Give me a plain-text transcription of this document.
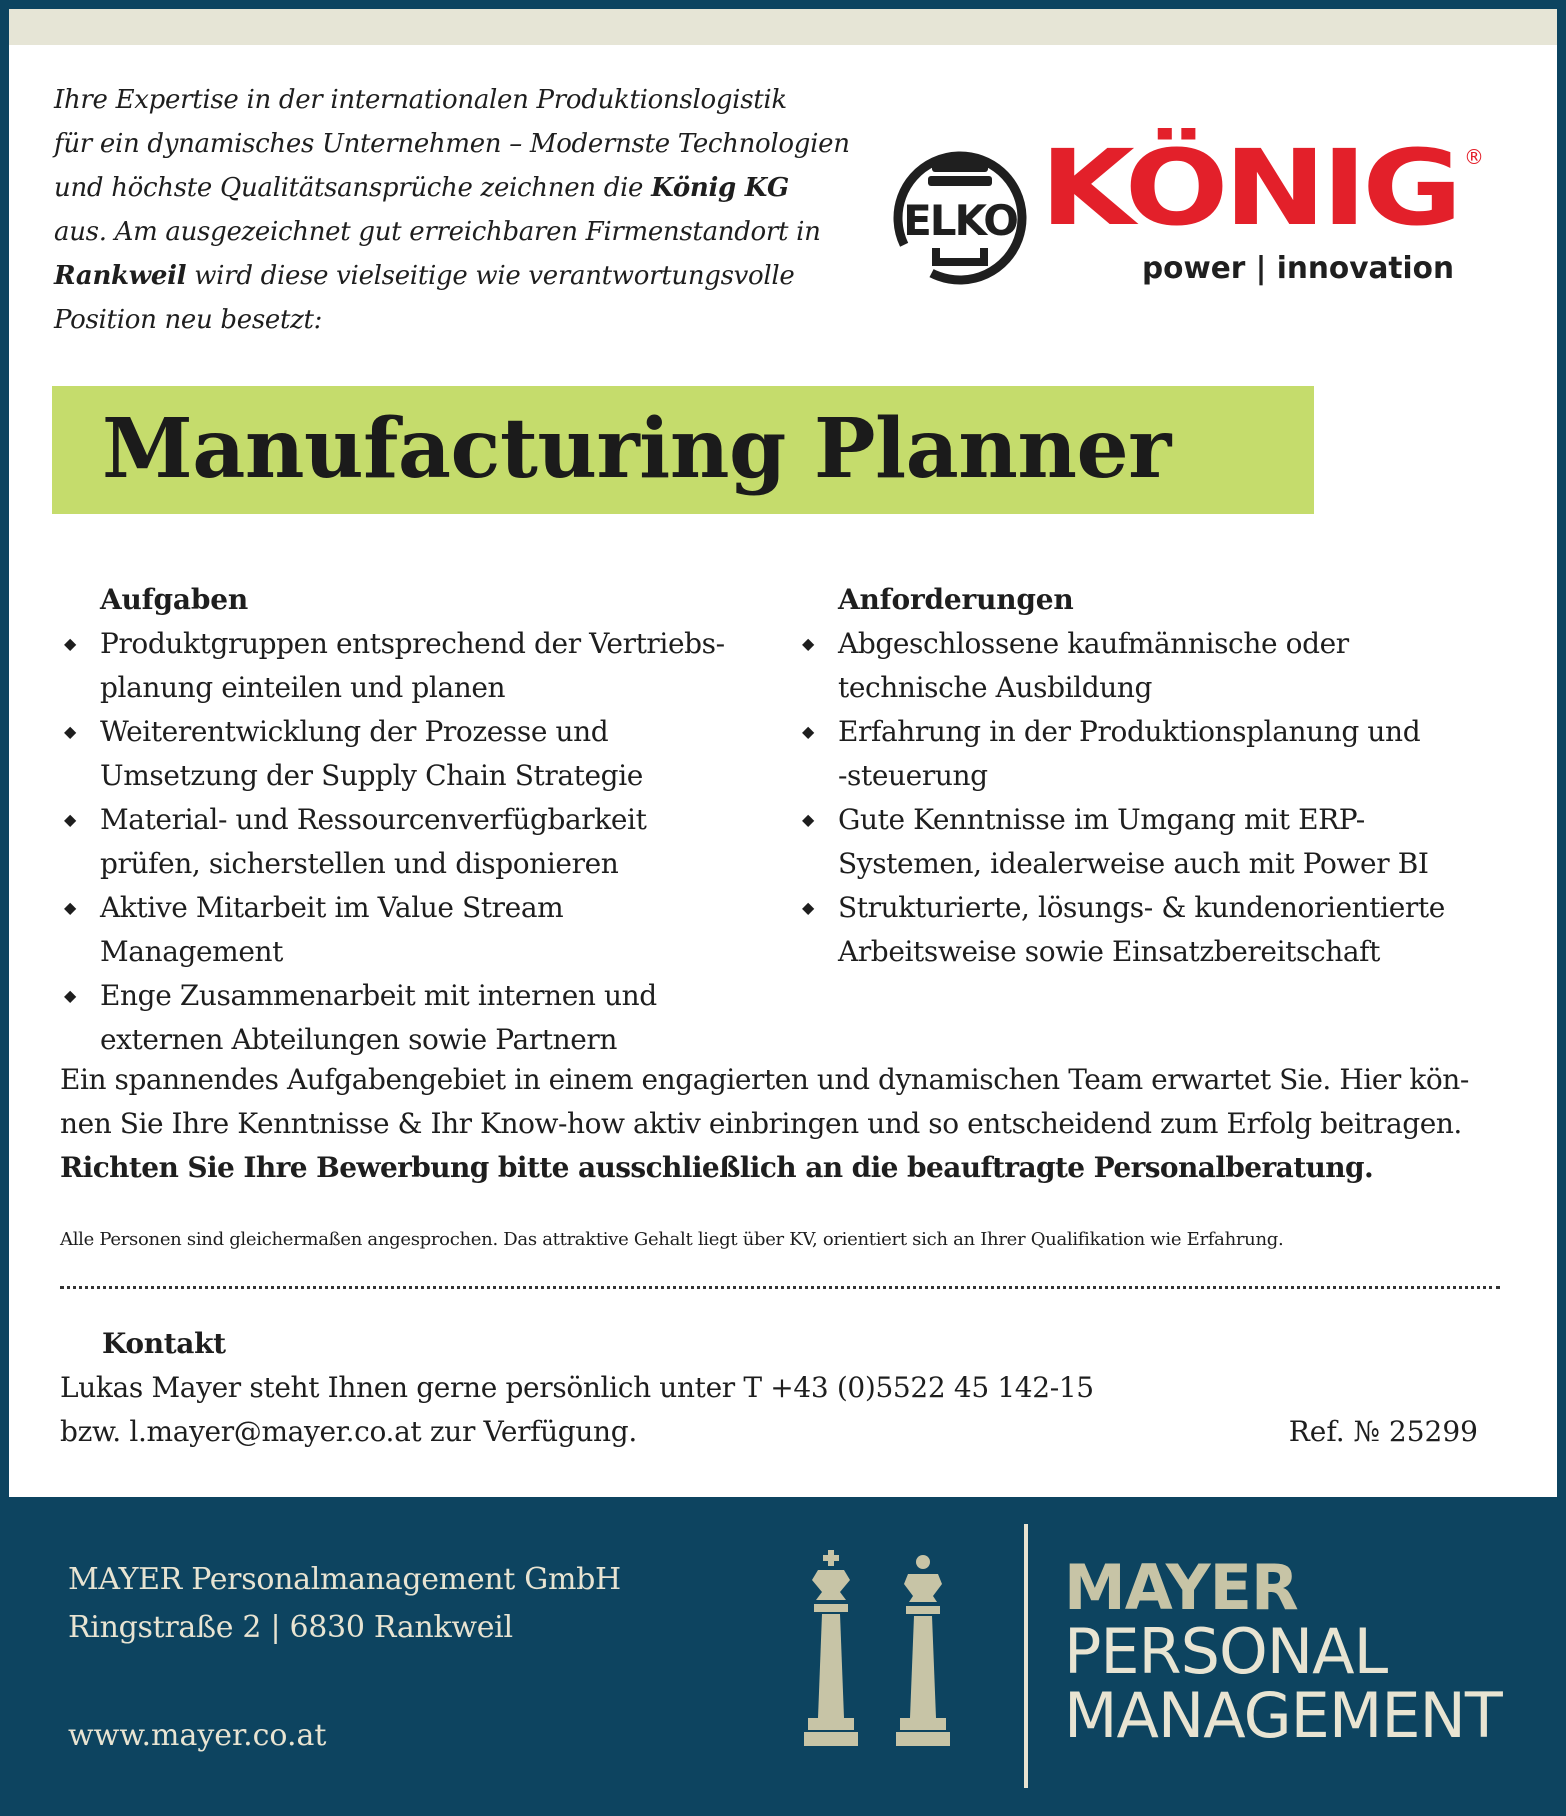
Ihre Expertise in der internationalen Produktionslogistik
für ein dynamisches Unternehmen – Modernste Technologien
und höchste Qualitätsansprüche zeichnen die König KG
aus. Am ausgezeichnet gut erreichbaren Firmenstandort in
Rankweil wird diese vielseitige wie verantwortungsvolle
Position neu besetzt:
ELKO KÖNIG ®
power | innovation
Manufacturing Planner
Aufgaben
◆ Produktgruppen entsprechend der Vertriebs-
planung einteilen und planen
◆ Weiterentwicklung der Prozesse und
Umsetzung der Supply Chain Strategie
◆ Material- und Ressourcenverfügbarkeit
prüfen, sicherstellen und disponieren
◆ Aktive Mitarbeit im Value Stream Management
◆ Enge Zusammenarbeit mit internen und
externen Abteilungen sowie Partnern
Anforderungen
◆ Abgeschlossene kaufmännische oder
technische Ausbildung
◆ Erfahrung in der Produktionsplanung und
-steuerung
◆ Gute Kenntnisse im Umgang mit ERP-
Systemen, idealerweise auch mit Power BI
◆ Strukturierte, lösungs- & kundenorientierte
Arbeitsweise sowie Einsatzbereitschaft
Ein spannendes Aufgabengebiet in einem engagierten und dynamischen Team erwartet Sie. Hier kön-
nen Sie Ihre Kenntnisse & Ihr Know-how aktiv einbringen und so entscheidend zum Erfolg beitragen.
Richten Sie Ihre Bewerbung bitte ausschließlich an die beauftragte Personalberatung.
Alle Personen sind gleichermaßen angesprochen. Das attraktive Gehalt liegt über KV, orientiert sich an Ihrer Qualifikation wie Erfahrung.
Kontakt
Lukas Mayer steht Ihnen gerne persönlich unter T +43 (0)5522 45 142-15
bzw. l.mayer@mayer.co.at zur Verfügung.	Ref. № 25299
MAYER Personalmanagement GmbH
Ringstraße 2 | 6830 Rankweil
www.mayer.co.at
MAYER
PERSONAL
MANAGEMENT
